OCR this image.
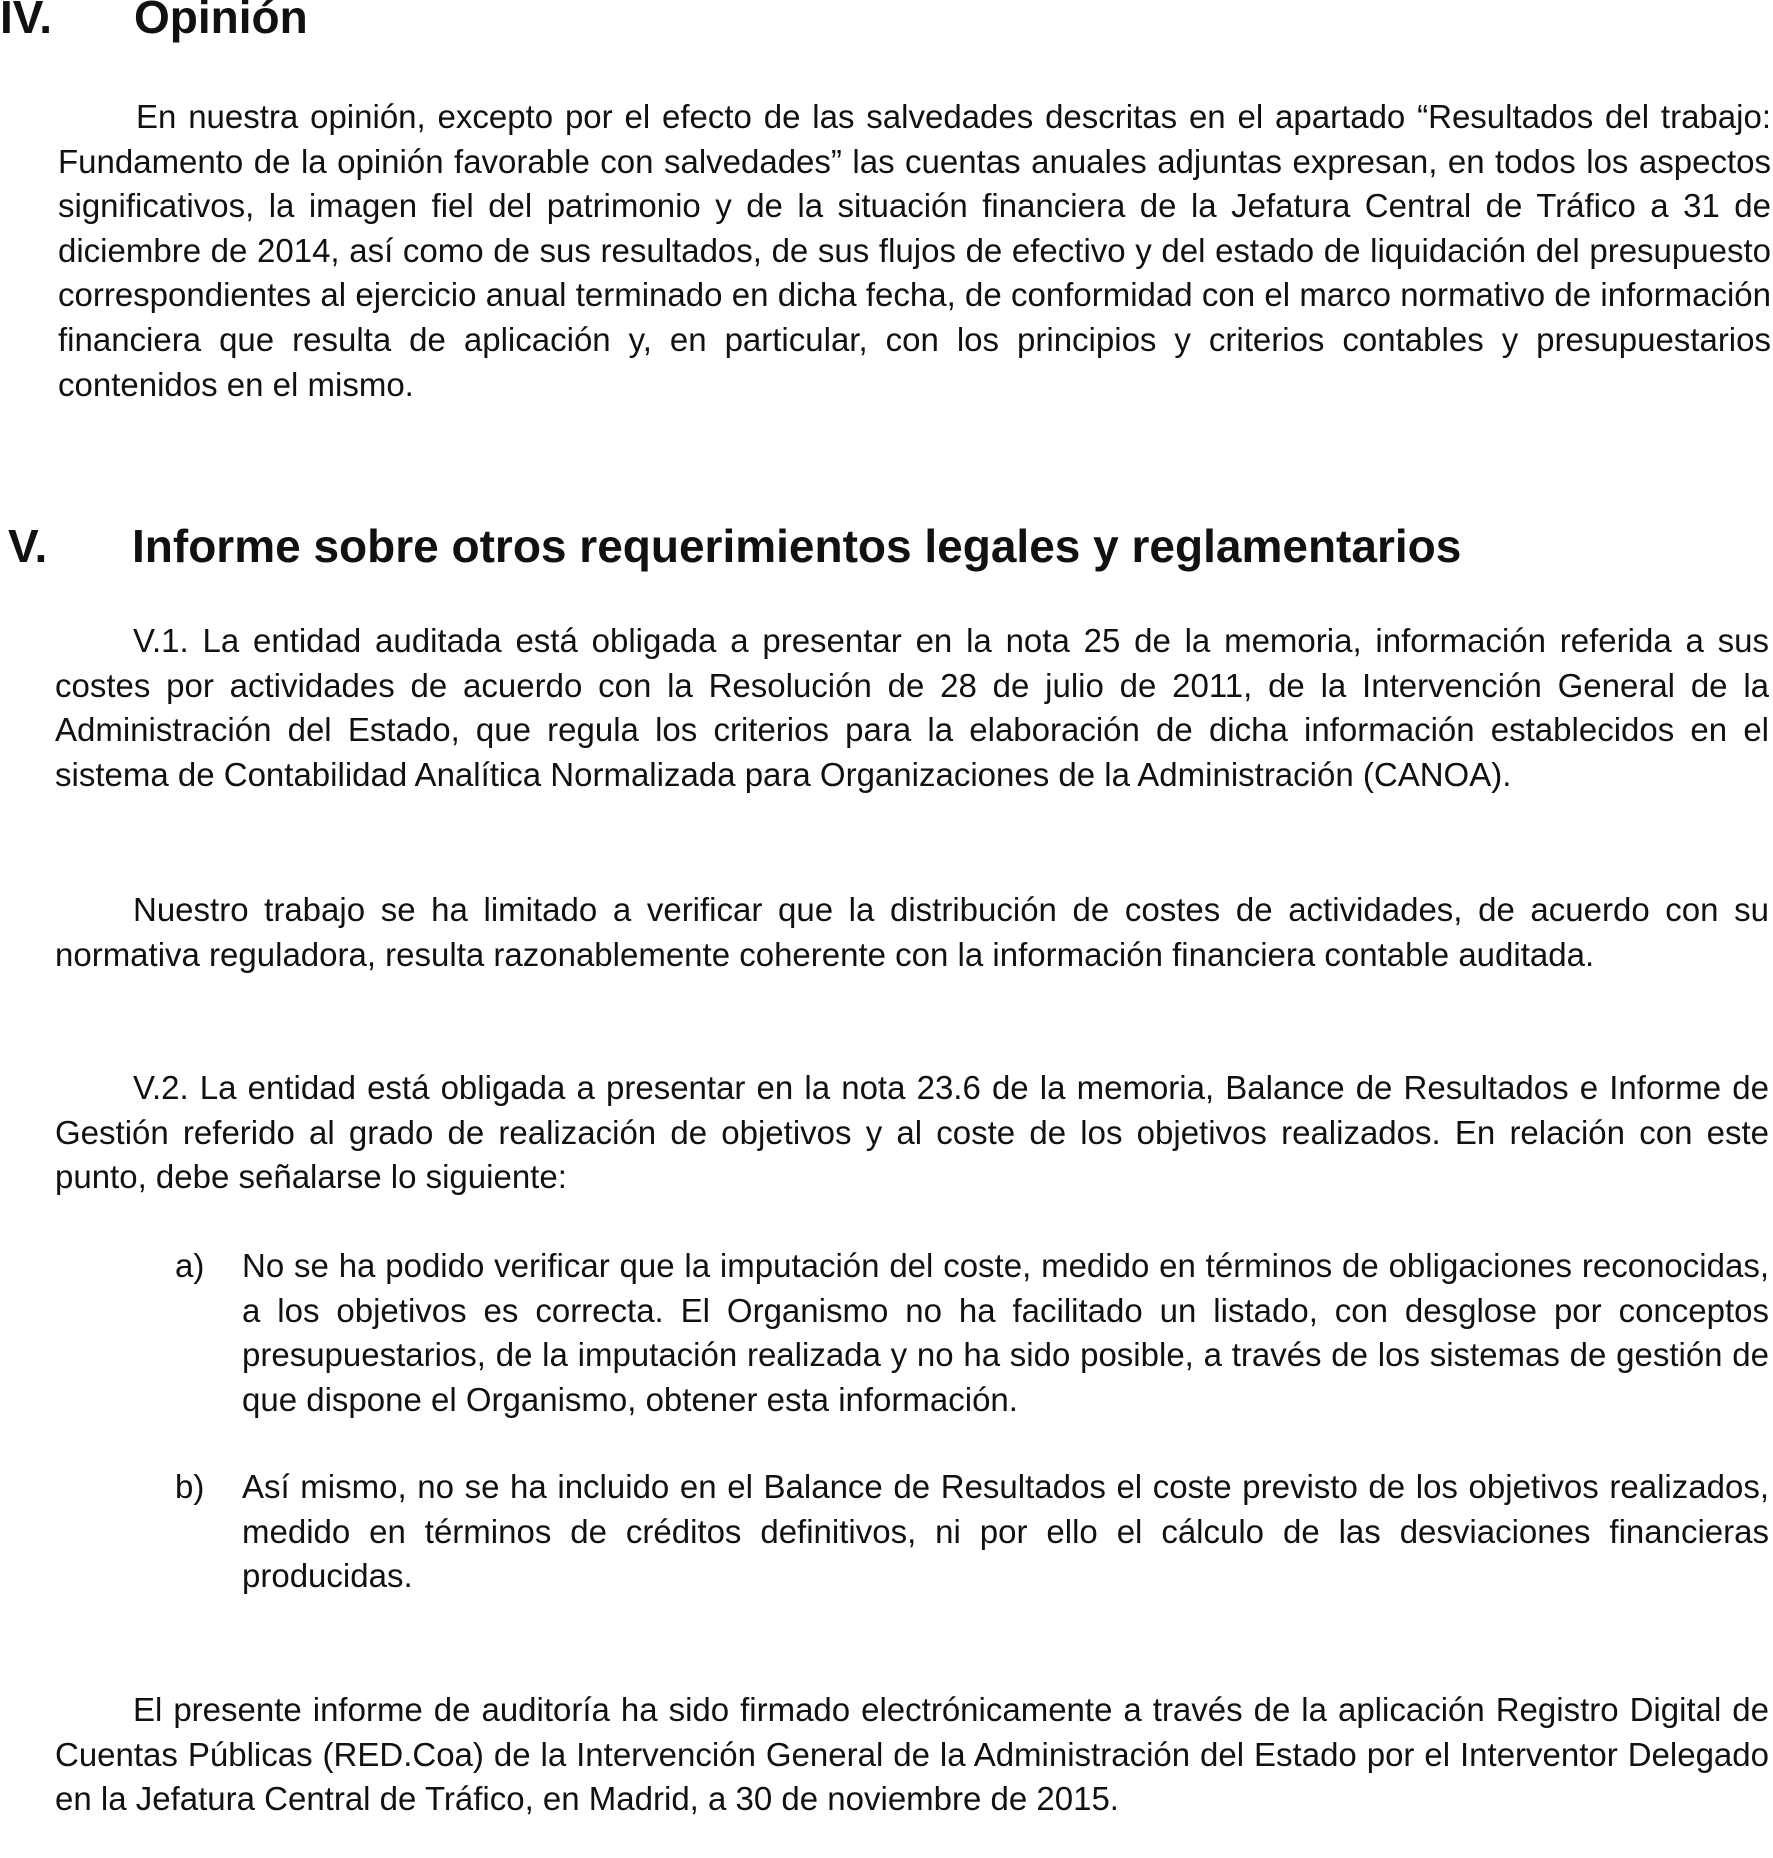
IV.	Opinión

En nuestra opinión, excepto por el efecto de las salvedades descritas en el apartado “Resultados del trabajo: Fundamento de la opinión favorable con salvedades” las cuentas anuales adjuntas expresan, en todos los aspectos significativos, la imagen fiel del patrimonio y de la situación financiera de la Jefatura Central de Tráfico a 31 de diciembre de 2014, así como de sus resultados, de sus flujos de efectivo y del estado de liquidación del presupuesto correspondientes al ejercicio anual terminado en dicha fecha, de conformidad con el marco normativo de información financiera que resulta de aplicación y, en particular, con los principios y criterios contables y presupuestarios contenidos en el mismo.

V.	Informe sobre otros requerimientos legales y reglamentarios

V.1. La entidad auditada está obligada a presentar en la nota 25 de la memoria, información referida a sus costes por actividades de acuerdo con la Resolución de 28 de julio de 2011, de la Intervención General de la Administración del Estado, que regula los criterios para la elaboración de dicha información establecidos en el sistema de Contabilidad Analítica Normalizada para Organizaciones de la Administración (CANOA).

Nuestro trabajo se ha limitado a verificar que la distribución de costes de actividades, de acuerdo con su normativa reguladora, resulta razonablemente coherente con la información financiera contable auditada.

V.2. La entidad está obligada a presentar en la nota 23.6 de la memoria, Balance de Resultados e Informe de Gestión referido al grado de realización de objetivos y al coste de los objetivos realizados. En relación con este punto, debe señalarse lo siguiente:

a)	No se ha podido verificar que la imputación del coste, medido en términos de obligaciones reconocidas, a los objetivos es correcta. El Organismo no ha facilitado un listado, con desglose por conceptos presupuestarios, de la imputación realizada y no ha sido posible, a través de los sistemas de gestión de que dispone el Organismo, obtener esta información.
b)	Así mismo, no se ha incluido en el Balance de Resultados el coste previsto de los objetivos realizados, medido en términos de créditos definitivos, ni por ello el cálculo de las desviaciones financieras producidas.

El presente informe de auditoría ha sido firmado electrónicamente a través de la aplicación Registro Digital de Cuentas Públicas (RED.Coa) de la Intervención General de la Administración del Estado por el Interventor Delegado en la Jefatura Central de Tráfico, en Madrid, a 30 de noviembre de 2015.
